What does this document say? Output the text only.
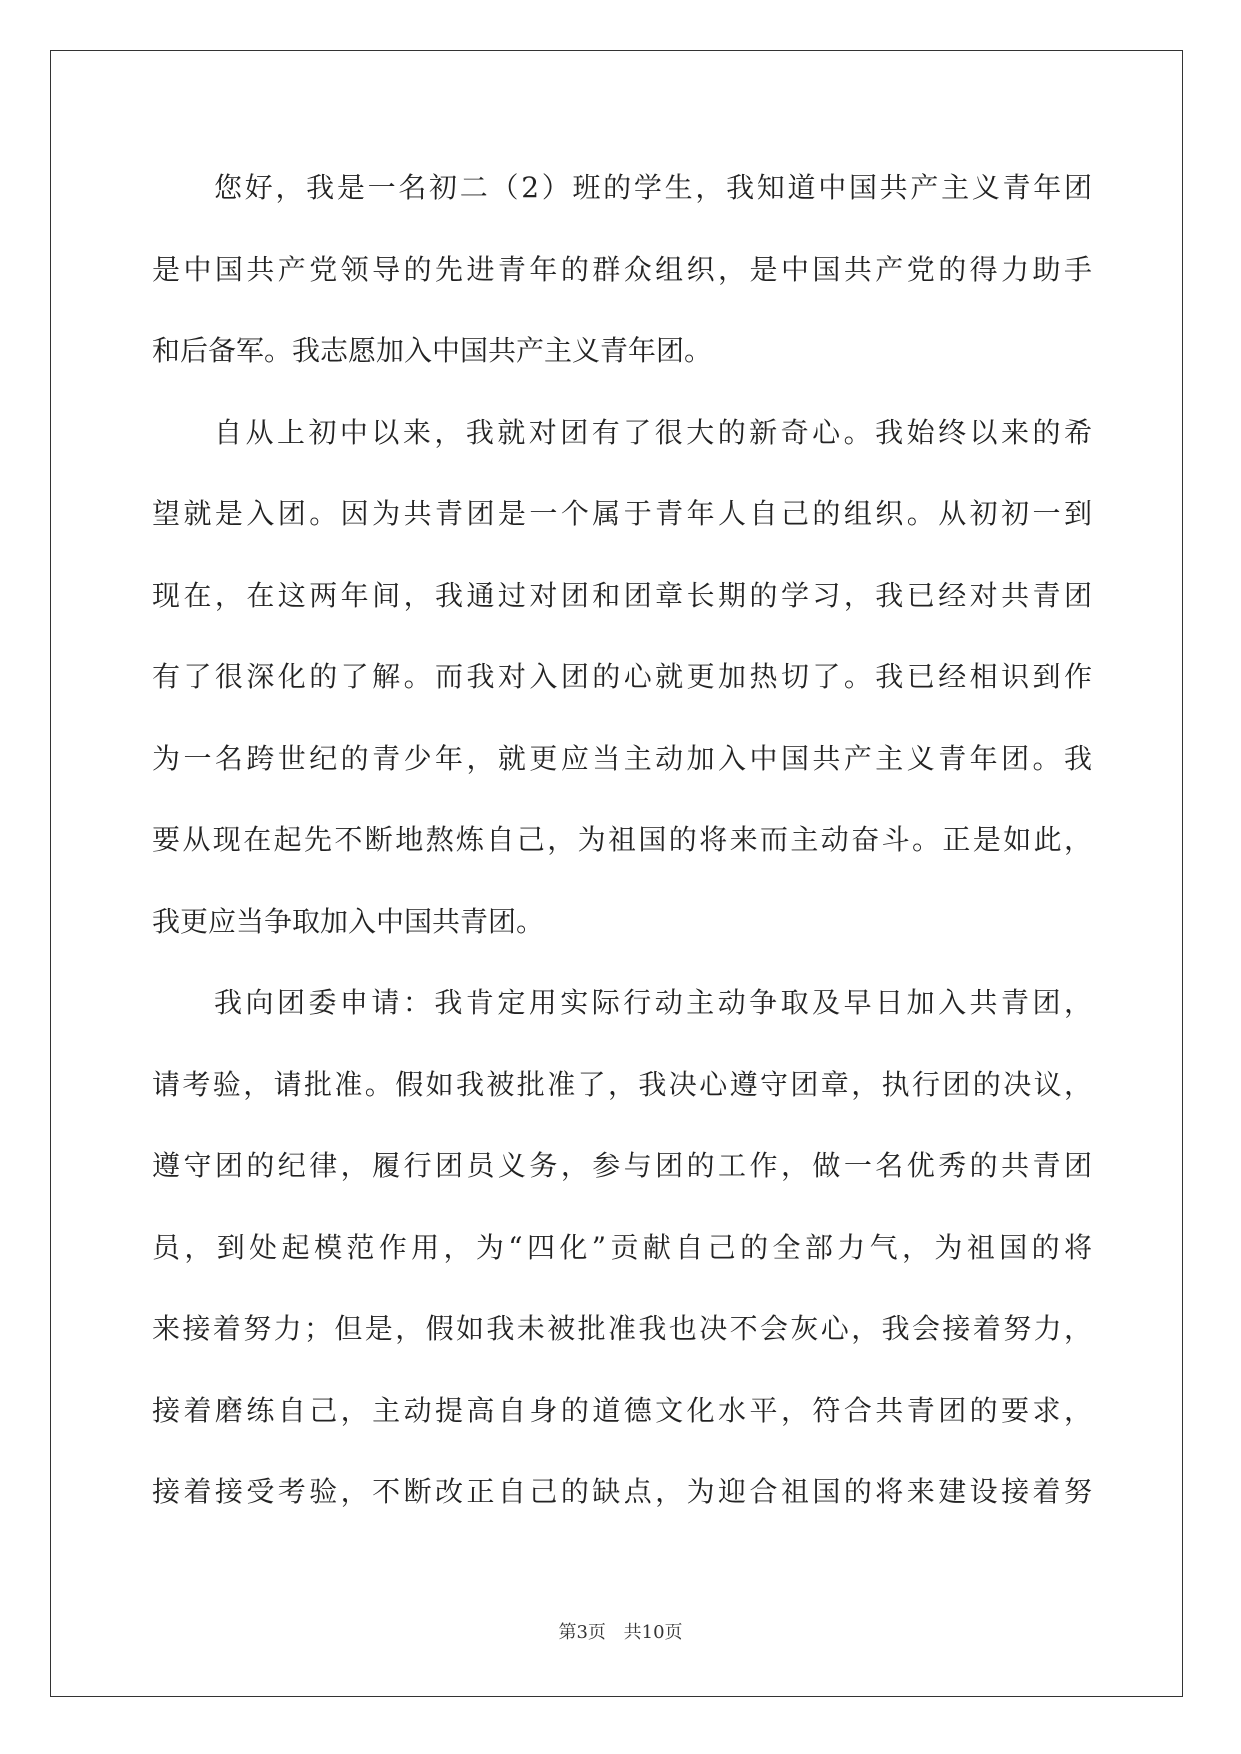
您好，我是一名初二（2）班的学生，我知道中国共产主义青年团
是中国共产党领导的先进青年的群众组织，是中国共产党的得力助手
和后备军。我志愿加入中国共产主义青年团。
自从上初中以来，我就对团有了很大的新奇心。我始终以来的希
望就是入团。因为共青团是一个属于青年人自己的组织。从初初一到
现在，在这两年间，我通过对团和团章长期的学习，我已经对共青团
有了很深化的了解。而我对入团的心就更加热切了。我已经相识到作
为一名跨世纪的青少年，就更应当主动加入中国共产主义青年团。我
要从现在起先不断地熬炼自己，为祖国的将来而主动奋斗。正是如此，
我更应当争取加入中国共青团。
我向团委申请：我肯定用实际行动主动争取及早日加入共青团，
请考验，请批准。假如我被批准了，我决心遵守团章，执行团的决议，
遵守团的纪律，履行团员义务，参与团的工作，做一名优秀的共青团
员，到处起模范作用，为“四化”贡献自己的全部力气，为祖国的将
来接着努力；但是，假如我未被批准我也决不会灰心，我会接着努力，
接着磨练自己，主动提高自身的道德文化水平，符合共青团的要求，
接着接受考验，不断改正自己的缺点，为迎合祖国的将来建设接着努
第3页 共10页
